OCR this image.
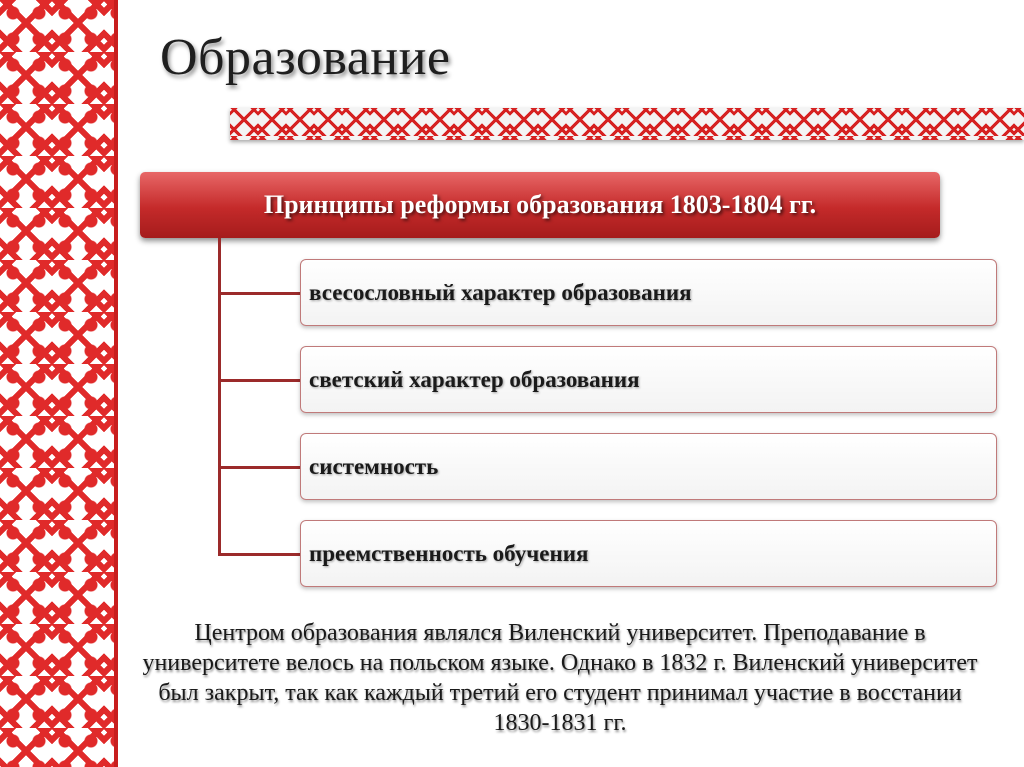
Образование
Принципы реформы образования 1803-1804 гг.
всесословный характер образования
светский характер образования
системность
преемственность обучения
Центром образования являлся Виленский университет. Преподавание в университете велось на польском языке. Однако в 1832 г. Виленский университет был закрыт, так как каждый третий его студент принимал участие в восстании 1830-1831 гг.
